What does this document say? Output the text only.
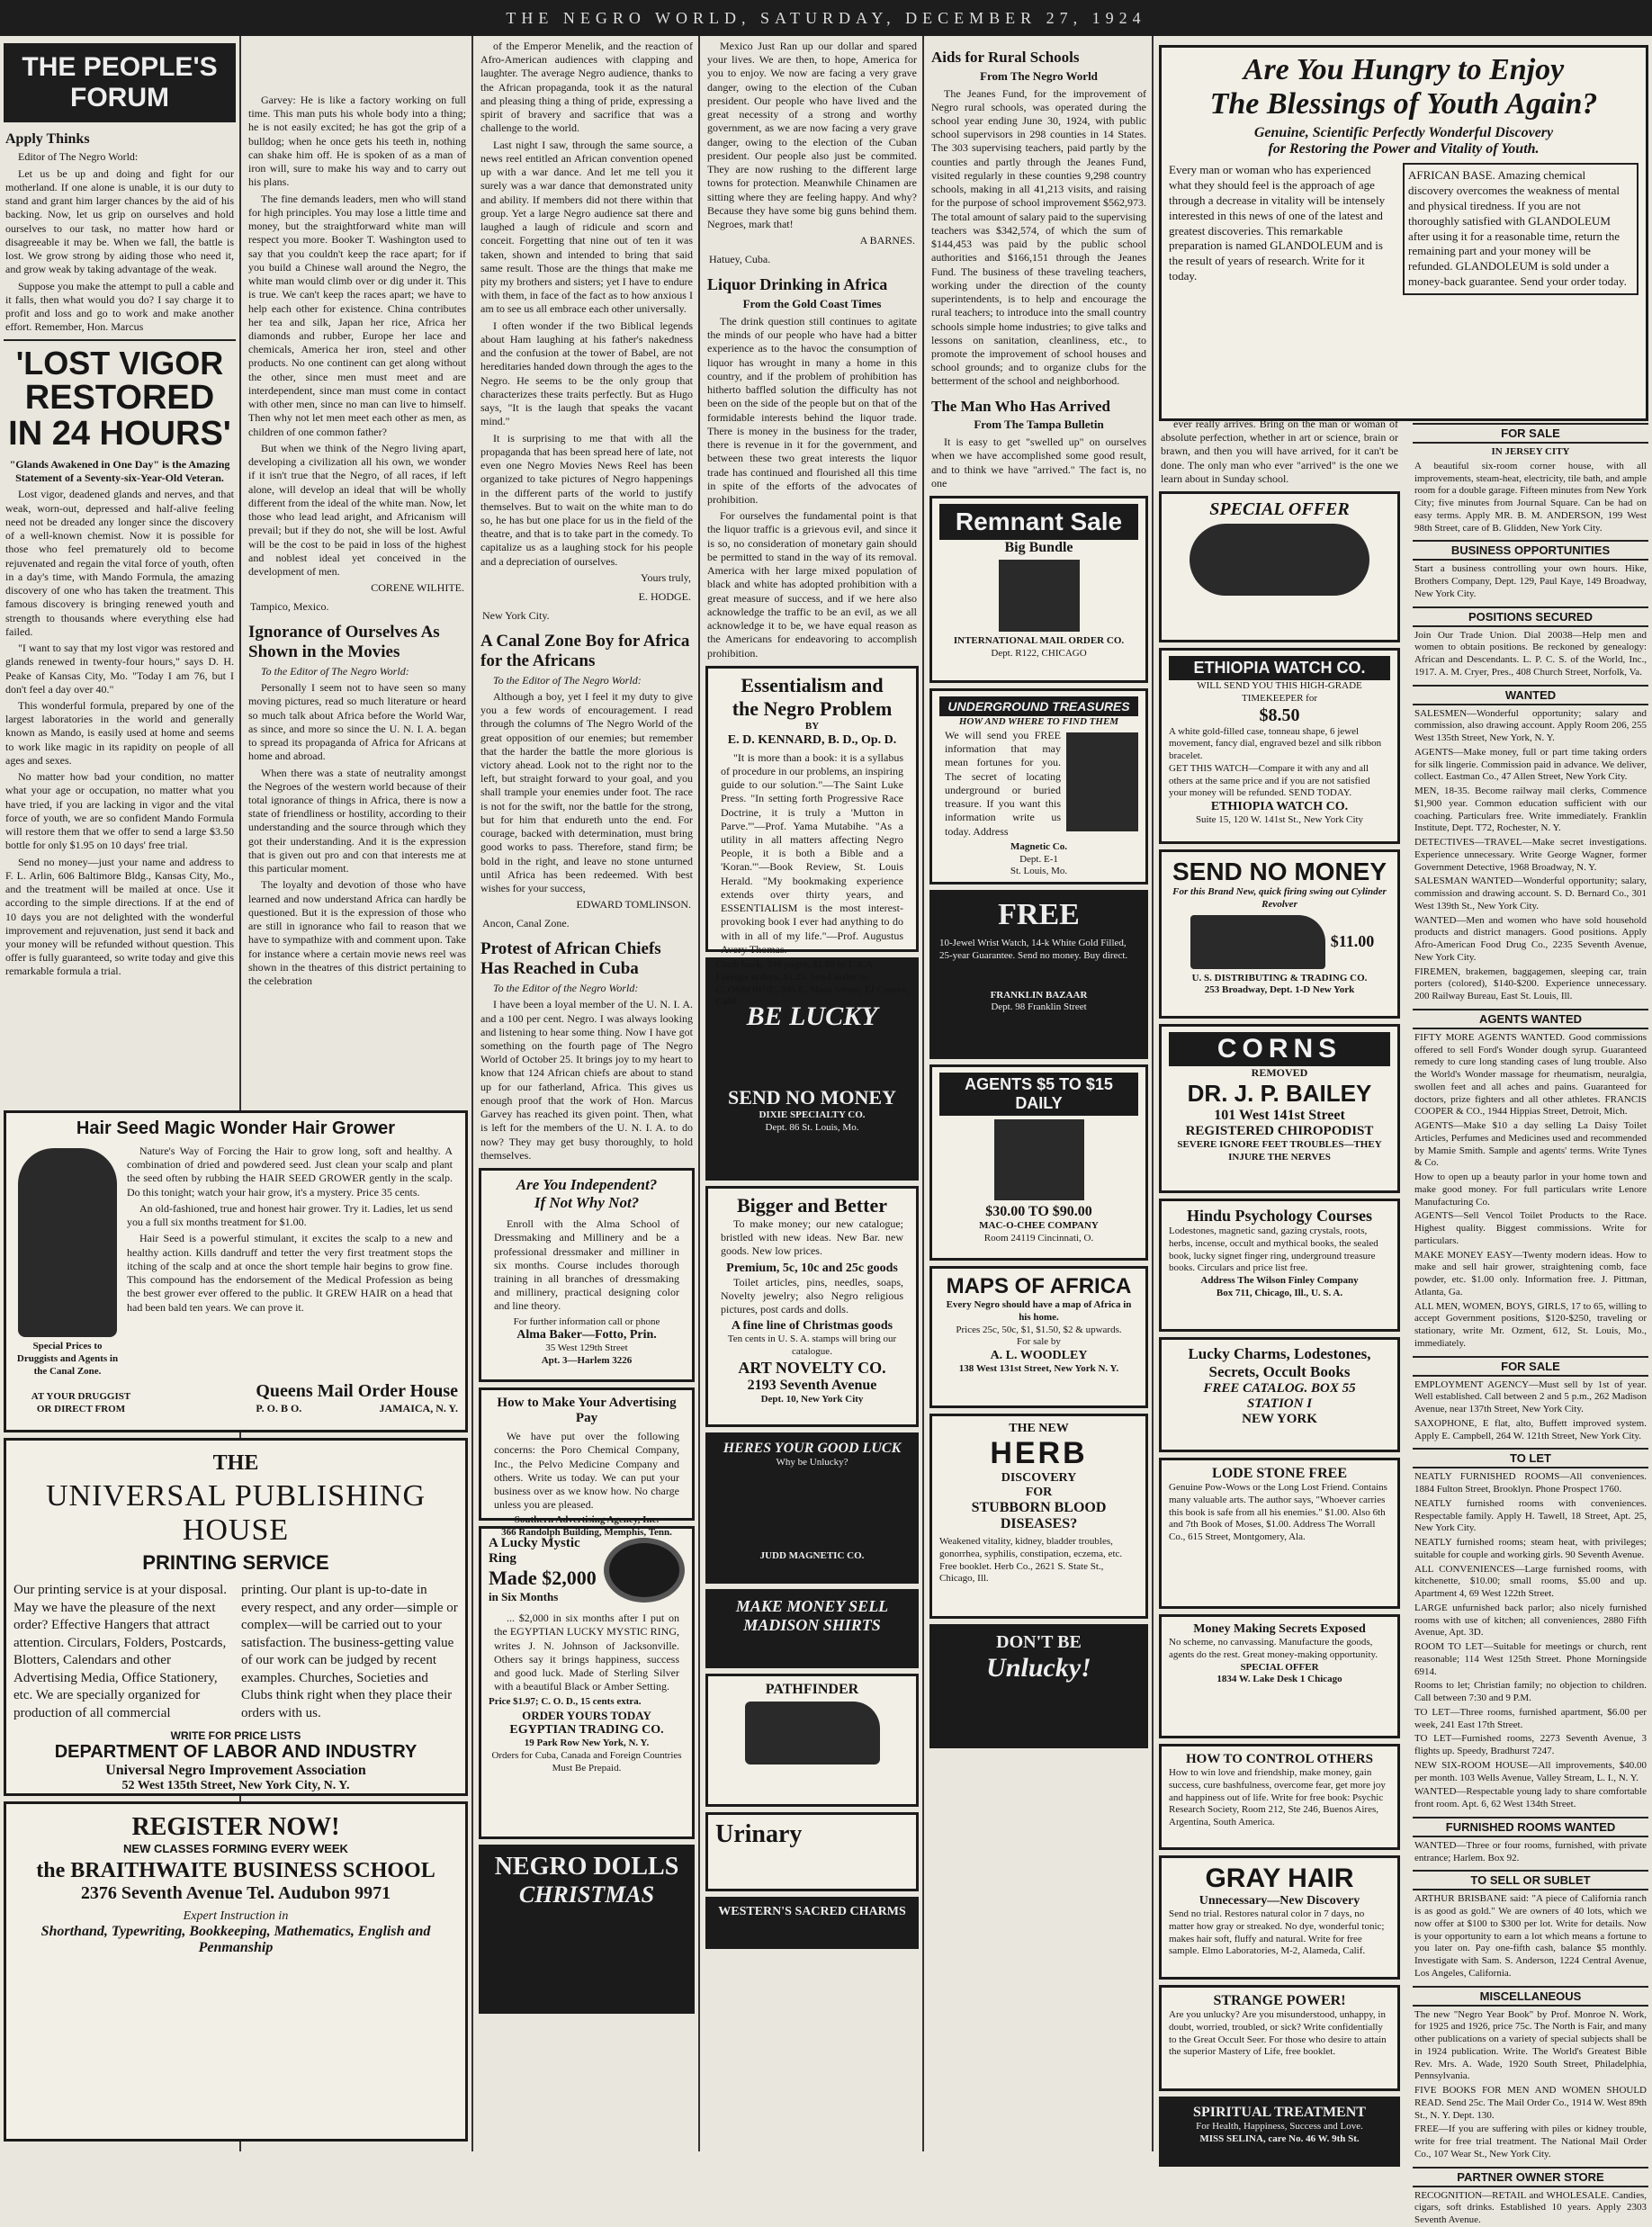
THE NEGRO WORLD, SATURDAY, DECEMBER 27, 1924
THE PEOPLE'S FORUM
Apply Thinks
Editor of The Negro World:
Let us be up and doing and fight for our motherland. If one alone is unable, it is our duty to stand and grant him larger chances by the aid of his backing. Now, let us grip on ourselves and hold ourselves to our task, no matter how hard or disagreeable it may be. When we fall, the battle is lost. We grow strong by aiding those who need it, and grow weak by taking advantage of the weak.
Suppose you make the attempt to pull a cable and it falls, then what would you do? I say charge it to profit and loss and go to work and make another effort. Remember, Hon. Marcus
'LOST VIGOR
RESTORED
IN 24 HOURS'
"Glands Awakened in One Day" is the Amazing Statement of a Seventy-six-Year-Old Veteran.
Lost vigor, deadened glands and nerves, and that weak, worn-out, depressed and half-alive feeling need not be dreaded any longer since the discovery of a well-known chemist. Now it is possible for those who feel prematurely old to become rejuvenated and regain the vital force of youth, often in a day's time, with Mando Formula, the amazing discovery of one who has taken the treatment. This famous discovery is bringing renewed youth and strength to thousands where everything else had failed.
"I want to say that my lost vigor was restored and glands renewed in twenty-four hours," says D. H. Peake of Kansas City, Mo. "Today I am 76, but I don't feel a day over 40."
This wonderful formula, prepared by one of the largest laboratories in the world and generally known as Mando, is easily used at home and seems to work like magic in its rapidity on people of all ages and sexes.
No matter how bad your condition, no matter what your age or occupation, no matter what you have tried, if you are lacking in vigor and the vital force of youth, we are so confident Mando Formula will restore them that we offer to send a large $3.50 bottle for only $1.95 on 10 days' free trial.
Send no money—just your name and address to F. L. Arlin, 606 Baltimore Bldg., Kansas City, Mo., and the treatment will be mailed at once. Use it according to the simple directions. If at the end of 10 days you are not delighted with the wonderful improvement and rejuvenation, just send it back and your money will be refunded without question. This offer is fully guaranteed, so write today and give this remarkable formula a trial.
Garvey: He is like a factory working on full time. This man puts his whole body into a thing; he is not easily excited; he has got the grip of a bulldog; when he once gets his teeth in, nothing can shake him off. He is spoken of as a man of iron will, sure to make his way and to carry out his plans.
The fine demands leaders, men who will stand for high principles. You may lose a little time and money, but the straightforward white man will respect you more. Booker T. Washington used to say that you couldn't keep the race apart; for if you build a Chinese wall around the Negro, the white man would climb over or dig under it. This is true. We can't keep the races apart; we have to help each other for existence. China contributes her tea and silk, Japan her rice, Africa her diamonds and rubber, Europe her lace and chemicals, America her iron, steel and other products. No one continent can get along without the other, since men must meet and are interdependent, since man must come in contact with other men, since no man can live to himself. Then why not let men meet each other as men, as children of one common father?
But when we think of the Negro living apart, developing a civilization all his own, we wonder if it isn't true that the Negro, of all races, if left alone, will develop an ideal that will be wholly different from the ideal of the white man. Now, let those who lead lead aright, and Africanism will prevail; but if they do not, she will be lost. Awful will be the cost to be paid in loss of the highest and noblest ideal yet conceived in the development of men.
CORENE WILHITE.
Tampico, Mexico.
Ignorance of Ourselves As Shown in the Movies
To the Editor of The Negro World:
Personally I seem not to have seen so many moving pictures, read so much literature or heard so much talk about Africa before the World War, as since, and more so since the U. N. I. A. began to spread its propaganda of Africa for Africans at home and abroad.
When there was a state of neutrality amongst the Negroes of the western world because of their total ignorance of things in Africa, there is now a state of friendliness or hostility, according to their understanding and the source through which they got their understanding. And it is the expression that is given out pro and con that interests me at this particular moment.
The loyalty and devotion of those who have learned and now understand Africa can hardly be questioned. But it is the expression of those who are still in ignorance who fail to reason that we have to sympathize with and comment upon. Take for instance where a certain movie news reel was shown in the theatres of this district pertaining to the celebration
Hair Seed Magic Wonder Hair Grower
Special Prices to Druggists and Agents in the Canal Zone.
Nature's Way of Forcing the Hair to grow long, soft and healthy. A combination of dried and powdered seed. Just clean your scalp and plant the seed often by rubbing the HAIR SEED GROWER gently in the scalp. Do this tonight; watch your hair grow, it's a mystery. Price 35 cents.
An old-fashioned, true and honest hair grower. Try it. Ladies, let us send you a full six months treatment for $1.00.
Hair Seed is a powerful stimulant, it excites the scalp to a new and healthy action. Kills dandruff and tetter the very first treatment stops the itching of the scalp and at once the short temple hair begins to grow fine. This compound has the endorsement of the Medical Profession as being the best grower ever offered to the public. It GREW HAIR on a head that had been bald ten years. We can prove it.
AT YOUR DRUGGIST
OR DIRECT FROM
Queens Mail Order House
P. O. B O.	JAMAICA, N. Y.
THE
UNIVERSAL PUBLISHING HOUSE
PRINTING SERVICE
Our printing service is at your disposal. May we have the pleasure of the next order? Effective Hangers that attract attention. Circulars, Folders, Postcards, Blotters, Calendars and other Advertising Media, Office Stationery, etc. We are specially organized for production of all commercial
printing. Our plant is up-to-date in every respect, and any order—simple or complex—will be carried out to your satisfaction. The business-getting value of our work can be judged by recent examples. Churches, Societies and Clubs think right when they place their orders with us.
WRITE FOR PRICE LISTS
DEPARTMENT OF LABOR AND INDUSTRY
Universal Negro Improvement Association
52 West 135th Street, New York City, N. Y.
REGISTER NOW!
NEW CLASSES FORMING EVERY WEEK
the BRAITHWAITE BUSINESS SCHOOL
2376 Seventh Avenue Tel. Audubon 9971
Expert Instruction in
Shorthand, Typewriting, Bookkeeping, Mathematics, English and Penmanship
of the Emperor Menelik, and the reaction of Afro-American audiences with clapping and laughter. The average Negro audience, thanks to the African propaganda, took it as the natural and pleasing thing a thing of pride, expressing a spirit of bravery and sacrifice that was a challenge to the world.
Last night I saw, through the same source, a news reel entitled an African convention opened up with a war dance. And let me tell you it surely was a war dance that demonstrated unity and ability. If members did not there within that group. Yet a large Negro audience sat there and laughed a laugh of ridicule and scorn and conceit. Forgetting that nine out of ten it was taken, shown and intended to bring that said same result. Those are the things that make me pity my brothers and sisters; yet I have to endure with them, in face of the fact as to how anxious I am to see us all embrace each other universally.
I often wonder if the two Biblical legends about Ham laughing at his father's nakedness and the confusion at the tower of Babel, are not hereditaries handed down through the ages to the Negro. He seems to be the only group that characterizes these traits perfectly. But as Hugo says, "It is the laugh that speaks the vacant mind."
It is surprising to me that with all the propaganda that has been spread here of late, not even one Negro Movies News Reel has been organized to take pictures of Negro happenings in the different parts of the world to justify themselves. But to wait on the white man to do so, he has but one place for us in the field of the theatre, and that is to take part in the comedy. To capitalize us as a laughing stock for his people and a depreciation of ourselves.
Yours truly,
E. HODGE.
New York City.
A Canal Zone Boy for Africa for the Africans
To the Editor of The Negro World:
Although a boy, yet I feel it my duty to give you a few words of encouragement. I read through the columns of The Negro World of the great opposition of our enemies; but remember that the harder the battle the more glorious is victory ahead. Look not to the right nor to the left, but straight forward to your goal, and you shall trample your enemies under foot. The race is not for the swift, nor the battle for the strong, but for him that endureth unto the end. For courage, backed with determination, must bring good works to pass. Therefore, stand firm; be bold in the right, and leave no stone unturned until Africa has been redeemed. With best wishes for your success,
EDWARD TOMLINSON.
Ancon, Canal Zone.
Protest of African Chiefs Has Reached in Cuba
To the Editor of the Negro World:
I have been a loyal member of the U. N. I. A. and a 100 per cent. Negro. I was always looking and listening to hear some thing. Now I have got something on the fourth page of The Negro World of October 25. It brings joy to my heart to know that 124 African chiefs are about to stand up for our fatherland, Africa. This gives us enough proof that the work of Hon. Marcus Garvey has reached its given point. Then, what is left for the members of the U. N. I. A. to do now? They may get busy thoroughly, to hold themselves.
Are You Independent?
If Not Why Not?
Enroll with the Alma School of Dressmaking and Millinery and be a professional dressmaker and milliner in six months. Course includes thorough training in all branches of dressmaking and millinery, practical designing color and line theory.
For further information call or phone
Alma Baker—Fotto, Prin.
35 West 129th Street
Apt. 3—Harlem 3226
How to Make Your Advertising Pay
We have put over the following concerns: the Poro Chemical Company, Inc., the Pelvo Medicine Company and others. Write us today. We can put your business over as we know how. No charge unless you are pleased.
Southern Advertising Agency, Inc.
366 Randolph Building, Memphis, Tenn.
A Lucky Mystic Ring
Made $2,000
in Six Months
... $2,000 in six months after I put on the EGYPTIAN LUCKY MYSTIC RING, writes J. N. Johnson of Jacksonville. Others say it brings happiness, success and good luck. Made of Sterling Silver with a beautiful Black or Amber Setting.
Price $1.97; C. O. D., 15 cents extra.
ORDER YOURS TODAY
EGYPTIAN TRADING CO.
19 Park Row New York, N. Y.
Orders for Cuba, Canada and Foreign Countries Must Be Prepaid.
NEGRO DOLLS
CHRISTMAS
Mexico Just Ran up our dollar and spared your lives. We are then, to hope, America for you to enjoy. We now are facing a very grave danger, owing to the election of the Cuban president. Our people who have lived and the great necessity of a strong and worthy government, as we are now facing a very grave danger, owing to the election of the Cuban president. Our people also just be commited. They are now rushing to the different large towns for protection. Meanwhile Chinamen are sitting where they are feeling happy. And why? Because they have some big guns behind them. Negroes, mark that!
A BARNES.
Hatuey, Cuba.
Liquor Drinking in Africa
From the Gold Coast Times
The drink question still continues to agitate the minds of our people who have had a bitter experience as to the havoc the consumption of liquor has wrought in many a home in this country, and if the problem of prohibition has hitherto baffled solution the difficulty has not been on the side of the people but on that of the formidable interests behind the liquor trade. There is money in the business for the trader, there is revenue in it for the government, and between these two great interests the liquor trade has continued and flourished all this time in spite of the efforts of the advocates of prohibition.
For ourselves the fundamental point is that the liquor traffic is a grievous evil, and since it is so, no consideration of monetary gain should be permitted to stand in the way of its removal. America with her large mixed population of black and white has adopted prohibition with a great measure of success, and if we here also acknowledge the traffic to be an evil, as we all acknowledge it to be, we have equal reason as the Americans for endeavoring to accomplish prohibition.
Essentialism and
the Negro Problem
BY
E. D. KENNARD, B. D., Op. D.
"It is more than a book: it is a syllabus of procedure in our problems, an inspiring guide to our solution."—The Saint Luke Press. "In setting forth Progressive Race Doctrine, it is truly a 'Mutton in Parve.'"—Prof. Yama Mutabihe. "As a utility in all matters affecting Negro People, it is both a Bible and a 'Koran.'"—Book Review, St. Louis Herald. "My bookmaking experience extends over thirty years, and ESSENTIALISM is the most interest-provoking book I ever had anything to do with in all of my life."—Prof. Augustus Avery Thomas.
Cloth back, 340 pages, $1.00 in U.S.A. Foreign orders, $1.25. Send order to
C. OSBORNE, 305 E. Main Street, El Centro, Calif. BE LUCKY
SEND NO MONEY
DIXIE SPECIALTY CO.
Dept. 86 St. Louis, Mo.
Bigger and Better
To make money; our new catalogue; bristled with new ideas. New Bar. new goods. New low prices.
Premium, 5c, 10c and 25c goods
Toilet articles, pins, needles, soaps, Novelty jewelry; also Negro religious pictures, post cards and dolls.
A fine line of Christmas goods
Ten cents in U. S. A. stamps will bring our catalogue.
ART NOVELTY CO.
2193 Seventh Avenue
Dept. 10, New York City
HERES YOUR GOOD LUCK
Why be Unlucky?
JUDD MAGNETIC CO.
MAKE MONEY SELL MADISON SHIRTS
PATHFINDER
Urinary
WESTERN'S SACRED CHARMS
Aids for Rural Schools
From The Negro World
The Jeanes Fund, for the improvement of Negro rural schools, was operated during the school year ending June 30, 1924, with public school supervisors in 298 counties in 14 States. The 303 supervising teachers, paid partly by the counties and partly through the Jeanes Fund, visited regularly in these counties 9,298 country schools, making in all 41,213 visits, and raising for the purpose of school improvement $562,973. The total amount of salary paid to the supervising teachers was $342,574, of which the sum of $144,453 was paid by the public school authorities and $166,151 through the Jeanes Fund. The business of these traveling teachers, working under the direction of the county superintendents, is to help and encourage the rural teachers; to introduce into the small country schools simple home industries; to give talks and lessons on sanitation, cleanliness, etc., to promote the improvement of school houses and school grounds; and to organize clubs for the betterment of the school and neighborhood.
The Man Who Has Arrived
From The Tampa Bulletin
It is easy to get "swelled up" on ourselves when we have accomplished some good result, and to think we have "arrived." The fact is, no one
Remnant Sale
Big Bundle
INTERNATIONAL MAIL ORDER CO.
Dept. R122, CHICAGO
UNDERGROUND TREASURES
HOW AND WHERE TO FIND THEM
We will send you FREE information that may mean fortunes for you. The secret of locating underground or buried treasure. If you want this information write us today. Address
Magnetic Co.
Dept. E-1
St. Louis, Mo.
FREE
10-Jewel Wrist Watch, 14-k White Gold Filled, 25-year Guarantee. Send no money. Buy direct.
FRANKLIN BAZAAR
Dept. 98 Franklin Street
AGENTS $5 TO $15 DAILY
$30.00 TO $90.00
MAC-O-CHEE COMPANY
Room 24119 Cincinnati, O.
MAPS OF AFRICA
Every Negro should have a map of Africa in his home.
Prices 25c, 50c, $1, $1.50, $2 & upwards.
For sale by
A. L. WOODLEY
138 West 131st Street, New York N. Y.
THE NEW
HERB
DISCOVERY
FOR
STUBBORN BLOOD
DISEASES?
Weakened vitality, kidney, bladder troubles, gonorrhea, syphilis, constipation, eczema, etc. Free booklet. Herb Co., 2621 S. State St., Chicago, Ill.
DON'T BE
Unlucky!
Are You Hungry to Enjoy
The Blessings of Youth Again?
Genuine, Scientific Perfectly Wonderful Discovery
for Restoring the Power and Vitality of Youth.
Every man or woman who has experienced what they should feel is the approach of age through a decrease in vitality will be intensely interested in this news of one of the latest and greatest discoveries. This remarkable preparation is named GLANDOLEUM and is the result of years of research. Write for it today.
AFRICAN BASE. Amazing chemical discovery overcomes the weakness of mental and physical tiredness. If you are not thoroughly satisfied with GLANDOLEUM after using it for a reasonable time, return the remaining part and your money will be refunded. GLANDOLEUM is sold under a money-back guarantee. Send your order today.
ever really arrives. Bring on the man or woman of absolute perfection, whether in art or science, brain or brawn, and then you will have arrived, for it can't be done. The only man who ever "arrived" is the one we learn about in Sunday school.
SPECIAL OFFER
ETHIOPIA WATCH CO.
WILL SEND YOU THIS HIGH-GRADE TIMEKEEPER for
$8.50
A white gold-filled case, tonneau shape, 6 jewel movement, fancy dial, engraved bezel and silk ribbon bracelet.
GET THIS WATCH—Compare it with any and all others at the same price and if you are not satisfied your money will be refunded. SEND TODAY.
ETHIOPIA WATCH CO.
Suite 15, 120 W. 141st St., New York City
SEND NO MONEY
For this Brand New, quick firing swing out Cylinder Revolver
$11.00
U. S. DISTRIBUTING & TRADING CO.
253 Broadway, Dept. 1-D New York
CORNS
REMOVED
DR. J. P. BAILEY
101 West 141st Street
REGISTERED CHIROPODIST
SEVERE IGNORE FEET TROUBLES—THEY INJURE THE NERVES
Hindu Psychology Courses
Lodestones, magnetic sand, gazing crystals, roots, herbs, incense, occult and mythical books, the sealed book, lucky signet finger ring, underground treasure books. Circulars and price list free.
Address The Wilson Finley Company
Box 711, Chicago, Ill., U. S. A.
Lucky Charms, Lodestones,
Secrets, Occult Books
FREE CATALOG. BOX 55
STATION I
NEW YORK
LODE STONE FREE
Genuine Pow-Wows or the Long Lost Friend. Contains many valuable arts. The author says, "Whoever carries this book is safe from all his enemies." $1.00. Also 6th and 7th Book of Moses, $1.00. Address The Worrall Co., 615 Street, Montgomery, Ala.
Money Making Secrets Exposed
No scheme, no canvassing. Manufacture the goods, agents do the rest. Great money-making opportunity.
SPECIAL OFFER
1834 W. Lake Desk 1 Chicago
HOW TO CONTROL OTHERS
How to win love and friendship, make money, gain success, cure bashfulness, overcome fear, get more joy and happiness out of life. Write for free book: Psychic Research Society, Room 212, Ste 246, Buenos Aires, Argentina, South America.
GRAY HAIR
Unnecessary—New Discovery
Send no trial. Restores natural color in 7 days, no matter how gray or streaked. No dye, wonderful tonic; makes hair soft, fluffy and natural. Write for free sample. Elmo Laboratories, M-2, Alameda, Calif.
STRANGE POWER!
Are you unlucky? Are you misunderstood, unhappy, in doubt, worried, troubled, or sick? Write confidentially to the Great Occult Seer. For those who desire to attain the superior Mastery of Life, free booklet.
SPIRITUAL TREATMENT
For Health, Happiness, Success and Love.
MISS SELINA, care No. 46 W. 9th St.
FOR SALE
IN JERSEY CITY
A beautiful six-room corner house, with all improvements, steam-heat, electricity, tile bath, and ample room for a double garage. Fifteen minutes from New York City; five minutes from Journal Square. Can be had on easy terms. Apply MR. B. M. ANDERSON, 199 West 98th Street, care of B. Glidden, New York City.
BUSINESS OPPORTUNITIES
Start a business controlling your own hours. Hike, Brothers Company, Dept. 129, Paul Kaye, 149 Broadway, New York City.
POSITIONS SECURED
Join Our Trade Union. Dial 20038—Help men and women to obtain positions. Be reckoned by genealogy: African and Descendants. L. P. C. S. of the World, Inc., 1917. A. M. Cryer, Pres., 408 Church Street, Norfolk, Va.
WANTED
SALESMEN—Wonderful opportunity; salary and commission, also drawing account. Apply Room 206, 255 West 135th Street, New York, N. Y.
AGENTS—Make money, full or part time taking orders for silk lingerie. Commission paid in advance. We deliver, collect. Eastman Co., 47 Allen Street, New York City.
MEN, 18-35. Become railway mail clerks, Commence $1,900 year. Common education sufficient with our coaching. Particulars free. Write immediately. Franklin Institute, Dept. T72, Rochester, N. Y.
DETECTIVES—TRAVEL—Make secret investigations. Experience unnecessary. Write George Wagner, former Government Detective, 1968 Broadway, N. Y.
SALESMAN WANTED—Wonderful opportunity; salary, commission and drawing account. S. D. Bernard Co., 301 West 139th St., New York City.
WANTED—Men and women who have sold household products and district managers. Good positions. Apply Afro-American Food Drug Co., 2235 Seventh Avenue, New York City.
FIREMEN, brakemen, baggagemen, sleeping car, train porters (colored), $140-$200. Experience unnecessary. 200 Railway Bureau, East St. Louis, Ill.
AGENTS WANTED
FIFTY MORE AGENTS WANTED. Good commissions offered to sell Ford's Wonder dough syrup. Guaranteed remedy to cure long standing cases of lung trouble. Also the World's Wonder massage for rheumatism, neuralgia, swollen feet and all aches and pains. Guaranteed for doctors, prize fighters and all other athletes. FRANCIS COOPER & CO., 1944 Hippias Street, Detroit, Mich.
AGENTS—Make $10 a day selling La Daisy Toilet Articles, Perfumes and Medicines used and recommended by Mamie Smith. Sample and agents' terms. Write Tynes & Co.
How to open up a beauty parlor in your home town and make good money. For full particulars write Lenore Manufacturing Co.
AGENTS—Sell Vencol Toilet Products to the Race. Highest quality. Biggest commissions. Write for particulars.
MAKE MONEY EASY—Twenty modern ideas. How to make and sell hair grower, straightening comb, face powder, etc. $1.00 only. Information free. J. Pittman, Atlanta, Ga.
ALL MEN, WOMEN, BOYS, GIRLS, 17 to 65, willing to accept Government positions, $120-$250, traveling or stationary, write Mr. Ozment, 612, St. Louis, Mo., immediately.
FOR SALE
EMPLOYMENT AGENCY—Must sell by 1st of year. Well established. Call between 2 and 5 p.m., 262 Madison Avenue, near 137th Street, New York City.
SAXOPHONE, E flat, alto, Buffett improved system. Apply E. Campbell, 264 W. 121th Street, New York City.
TO LET
NEATLY FURNISHED ROOMS—All conveniences. 1884 Fulton Street, Brooklyn. Phone Prospect 1760.
NEATLY furnished rooms with conveniences. Respectable family. Apply H. Tawell, 18 Street, Apt. 25, New York City.
NEATLY furnished rooms; steam heat, with privileges; suitable for couple and working girls. 90 Seventh Avenue.
ALL CONVENIENCES—Large furnished rooms, with kitchenette, $10.00; small rooms, $5.00 and up. Apartment 4, 69 West 122th Street.
LARGE unfurnished back parlor; also nicely furnished rooms with use of kitchen; all conveniences, 2880 Fifth Avenue, Apt. 3D.
ROOM TO LET—Suitable for meetings or church, rent reasonable; 114 West 125th Street. Phone Morningside 6914.
Rooms to let; Christian family; no objection to children. Call between 7:30 and 9 P.M.
TO LET—Three rooms, furnished apartment, $6.00 per week, 241 East 17th Street.
TO LET—Furnished rooms, 2273 Seventh Avenue, 3 flights up. Speedy, Bradhurst 7247.
NEW SIX-ROOM HOUSE—All improvements, $40.00 per month. 103 Wells Avenue, Valley Stream, L. I., N. Y.
WANTED—Respectable young lady to share comfortable front room. Apt. 6, 62 West 134th Street.
FURNISHED ROOMS WANTED
WANTED—Three or four rooms, furnished, with private entrance; Harlem. Box 92.
TO SELL OR SUBLET
ARTHUR BRISBANE said: "A piece of California ranch is as good as gold." We are owners of 40 lots, which we now offer at $100 to $300 per lot. Write for details. Now is your opportunity to earn a lot which means a fortune to you later on. Pay one-fifth cash, balance $5 monthly. Investigate with Sam. S. Anderson, 1224 Central Avenue, Los Angeles, California.
MISCELLANEOUS
The new "Negro Year Book" by Prof. Monroe N. Work, for 1925 and 1926, price 75c. The North is Fair, and many other publications on a variety of special subjects shall be in 1924 publication. Write. The World's Greatest Bible Rev. Mrs. A. Wade, 1920 South Street, Philadelphia, Pennsylvania.
FIVE BOOKS FOR MEN AND WOMEN SHOULD READ. Send 25c. The Mail Order Co., 1914 W. West 89th St., N. Y. Dept. 130.
FREE—If you are suffering with piles or kidney trouble, write for free trial treatment. The National Mail Order Co., 107 Wear St., New York City.
PARTNER OWNER STORE
RECOGNITION—RETAIL and WHOLESALE. Candies, cigars, soft drinks. Established 10 years. Apply 2303 Seventh Avenue.
